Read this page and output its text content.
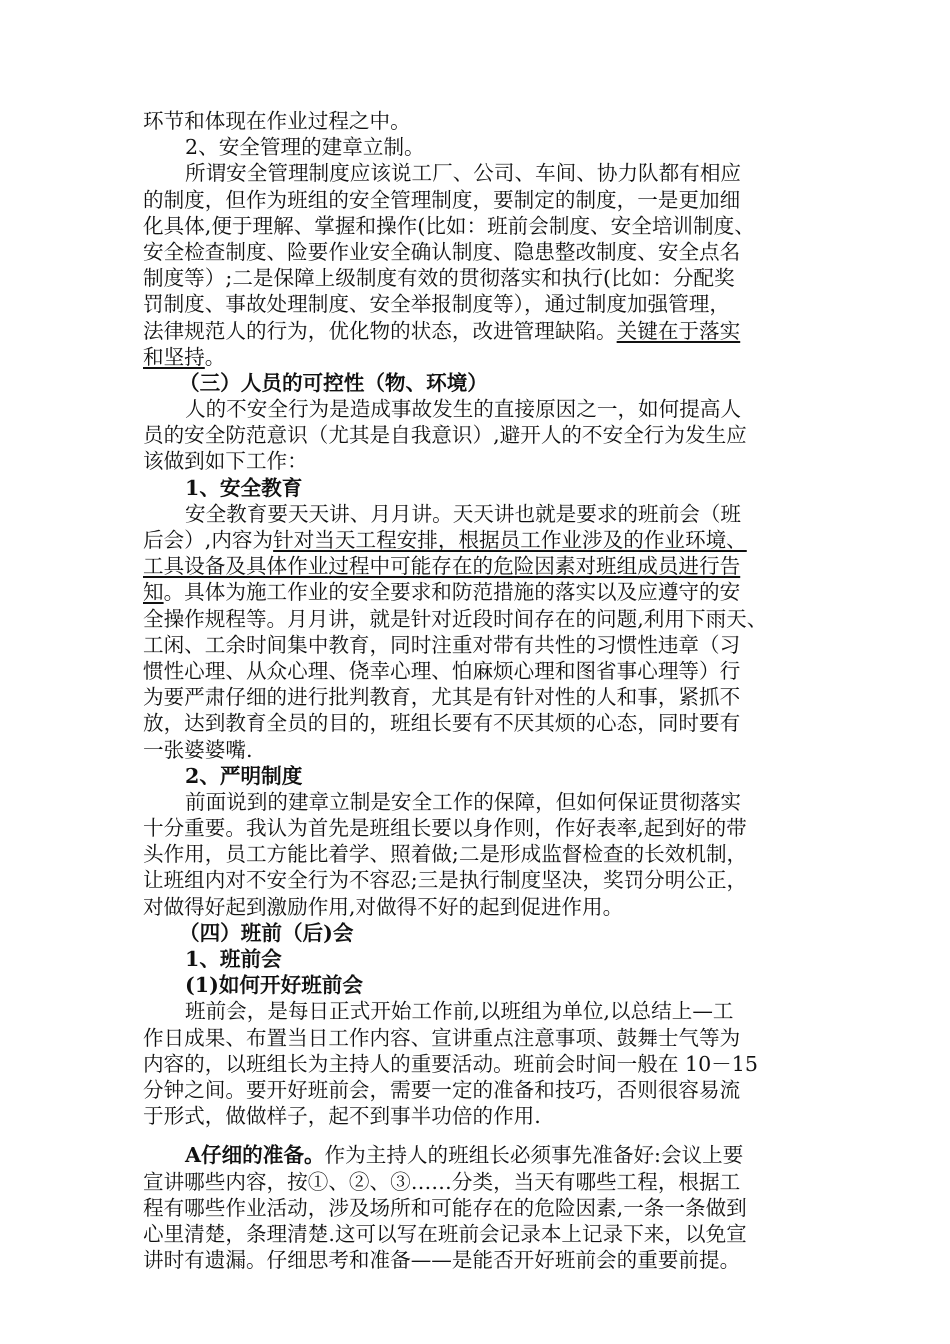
环节和体现在作业过程之中。
2、安全管理的建章立制。
所谓安全管理制度应该说工厂、公司、车间、协力队都有相应
的制度，但作为班组的安全管理制度，要制定的制度，一是更加细
化具体,便于理解、掌握和操作(比如：班前会制度、安全培训制度、
安全检查制度、险要作业安全确认制度、隐患整改制度、安全点名
制度等）;二是保障上级制度有效的贯彻落实和执行(比如：分配奖
罚制度、事故处理制度、安全举报制度等），通过制度加强管理，
法律规范人的行为，优化物的状态，改进管理缺陷。关键在于落实
和坚持。
（三）人员的可控性（物、环境）
人的不安全行为是造成事故发生的直接原因之一，如何提高人
员的安全防范意识（尤其是自我意识）,避开人的不安全行为发生应
该做到如下工作：
1、安全教育
安全教育要天天讲、月月讲。天天讲也就是要求的班前会（班
后会）,内容为针对当天工程安排，根据员工作业涉及的作业环境、
工具设备及具体作业过程中可能存在的危险因素对班组成员进行告
知。具体为施工作业的安全要求和防范措施的落实以及应遵守的安
全操作规程等。月月讲，就是针对近段时间存在的问题,利用下雨天、
工闲、工余时间集中教育，同时注重对带有共性的习惯性违章（习
惯性心理、从众心理、侥幸心理、怕麻烦心理和图省事心理等）行
为要严肃仔细的进行批判教育，尤其是有针对性的人和事，紧抓不
放，达到教育全员的目的，班组长要有不厌其烦的心态，同时要有
一张婆婆嘴.
2、严明制度
前面说到的建章立制是安全工作的保障，但如何保证贯彻落实
十分重要。我认为首先是班组长要以身作则，作好表率,起到好的带
头作用，员工方能比着学、照着做;二是形成监督检查的长效机制，
让班组内对不安全行为不容忍;三是执行制度坚决，奖罚分明公正，
对做得好起到激励作用,对做得不好的起到促进作用。
（四）班前（后)会
1、班前会
(1)如何开好班前会
班前会，是每日正式开始工作前,以班组为单位,以总结上—工
作日成果、布置当日工作内容、宣讲重点注意事项、鼓舞士气等为
内容的，以班组长为主持人的重要活动。班前会时间一般在 10－15
分钟之间。要开好班前会，需要一定的准备和技巧，否则很容易流
于形式，做做样子，起不到事半功倍的作用.
A仔细的准备。作为主持人的班组长必须事先准备好:会议上要
宣讲哪些内容，按①、②、③……分类，当天有哪些工程，根据工
程有哪些作业活动，涉及场所和可能存在的危险因素,一条一条做到
心里清楚，条理清楚.这可以写在班前会记录本上记录下来，以免宣
讲时有遗漏。仔细思考和准备——是能否开好班前会的重要前提。
